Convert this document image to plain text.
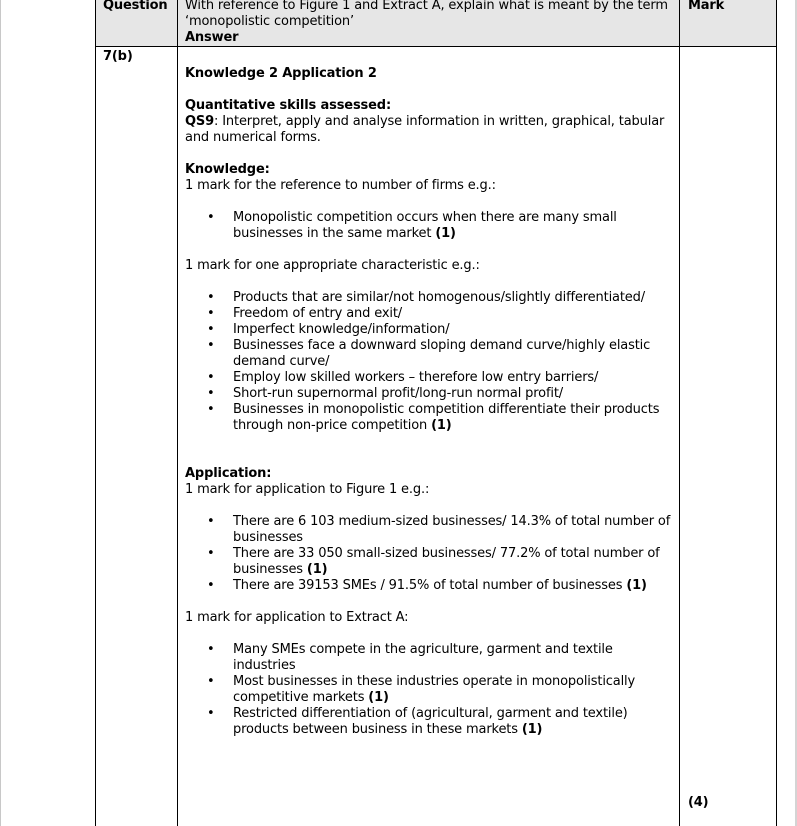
Question With reference to Figure 1 and Extract A, explain what is meant by the term ‘monopolistic competition’
Answer
Mark
7(b)

Knowledge 2 Application 2

Quantitative skills assessed:

QS9: Interpret, apply and analyse information in written, graphical, tabular and numerical forms.

Knowledge:

1 mark for the reference to number of firms e.g.:

• Monopolistic competition occurs when there are many small businesses in the same market (1)

1 mark for one appropriate characteristic e.g.:

• Products that are similar/not homogenous/slightly differentiated/
• Freedom of entry and exit/
• Imperfect knowledge/information/
• Businesses face a downward sloping demand curve/highly elastic demand curve/
• Employ low skilled workers – therefore low entry barriers/
• Short-run supernormal profit/long-run normal profit/
• Businesses in monopolistic competition differentiate their products through non-price competition (1)

Application:

1 mark for application to Figure 1 e.g.:

• There are 6 103 medium-sized businesses/ 14.3% of total number of businesses
• There are 33 050 small-sized businesses/ 77.2% of total number of businesses (1)
• There are 39153 SMEs / 91.5% of total number of businesses (1)

1 mark for application to Extract A:

• Many SMEs compete in the agriculture, garment and textile industries
• Most businesses in these industries operate in monopolistically competitive markets (1)
• Restricted differentiation of (agricultural, garment and textile) products between business in these markets (1)
(4)
